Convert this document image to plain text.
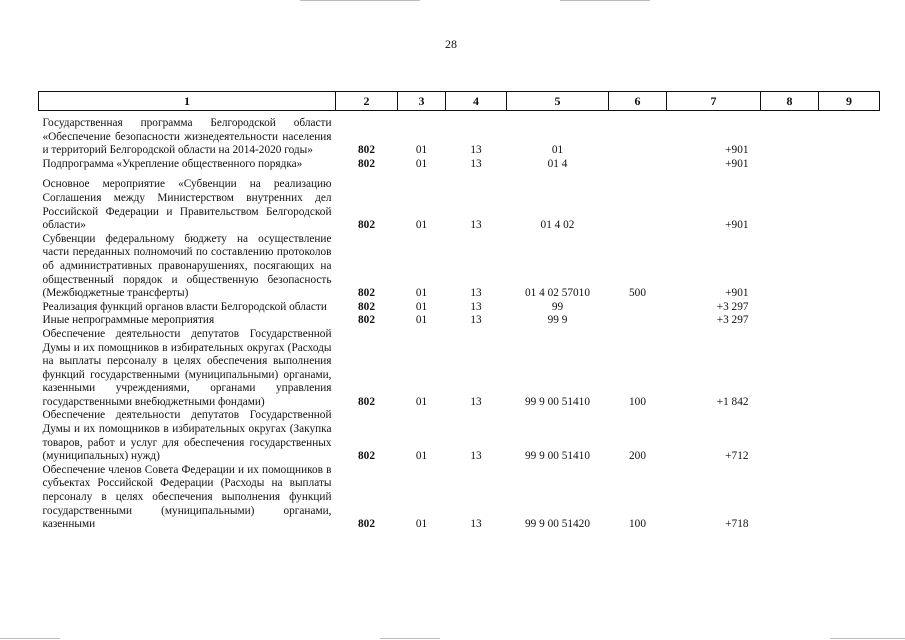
28
1	2	3	4	5	6	7	8	9
Государственная программа Белгородской области «Обеспечение безопасности жизнедеятельности населения и территорий Белгородской области на 2014-2020 годы»	802	01	13	01		+901		
Подпрограмма «Укрепление общественного порядка»	802	01	13	01 4		+901		
Основное мероприятие «Субвенции на реализацию Соглашения между Министерством внутренних дел Российской Федерации и Правительством Белгородской области»	802	01	13	01 4 02		+901		
Субвенции федеральному бюджету на осуществление части переданных полномочий по составлению протоколов об административных правонарушениях, посягающих на общественный порядок и общественную безопасность (Межбюджетные трансферты)	802	01	13	01 4 02 57010	500	+901		
Реализация функций органов власти Белгородской области	802	01	13	99		+3 297		
Иные непрограммные мероприятия	802	01	13	99 9		+3 297		
Обеспечение деятельности депутатов Государственной Думы и их помощников в избирательных округах (Расходы на выплаты персоналу в целях обеспечения выполнения функций государственными (муниципальными) органами, казенными учреждениями, органами управления государственными внебюджетными фондами)	802	01	13	99 9 00 51410	100	+1 842		
Обеспечение деятельности депутатов Государственной Думы и их помощников в избирательных округах (Закупка товаров, работ и услуг для обеспечения государственных (муниципальных) нужд)	802	01	13	99 9 00 51410	200	+712		
Обеспечение членов Совета Федерации и их помощников в субъектах Российской Федерации (Расходы на выплаты персоналу в целях обеспечения выполнения функций государственными (муниципальными) органами, казенными	802	01	13	99 9 00 51420	100	+718		
